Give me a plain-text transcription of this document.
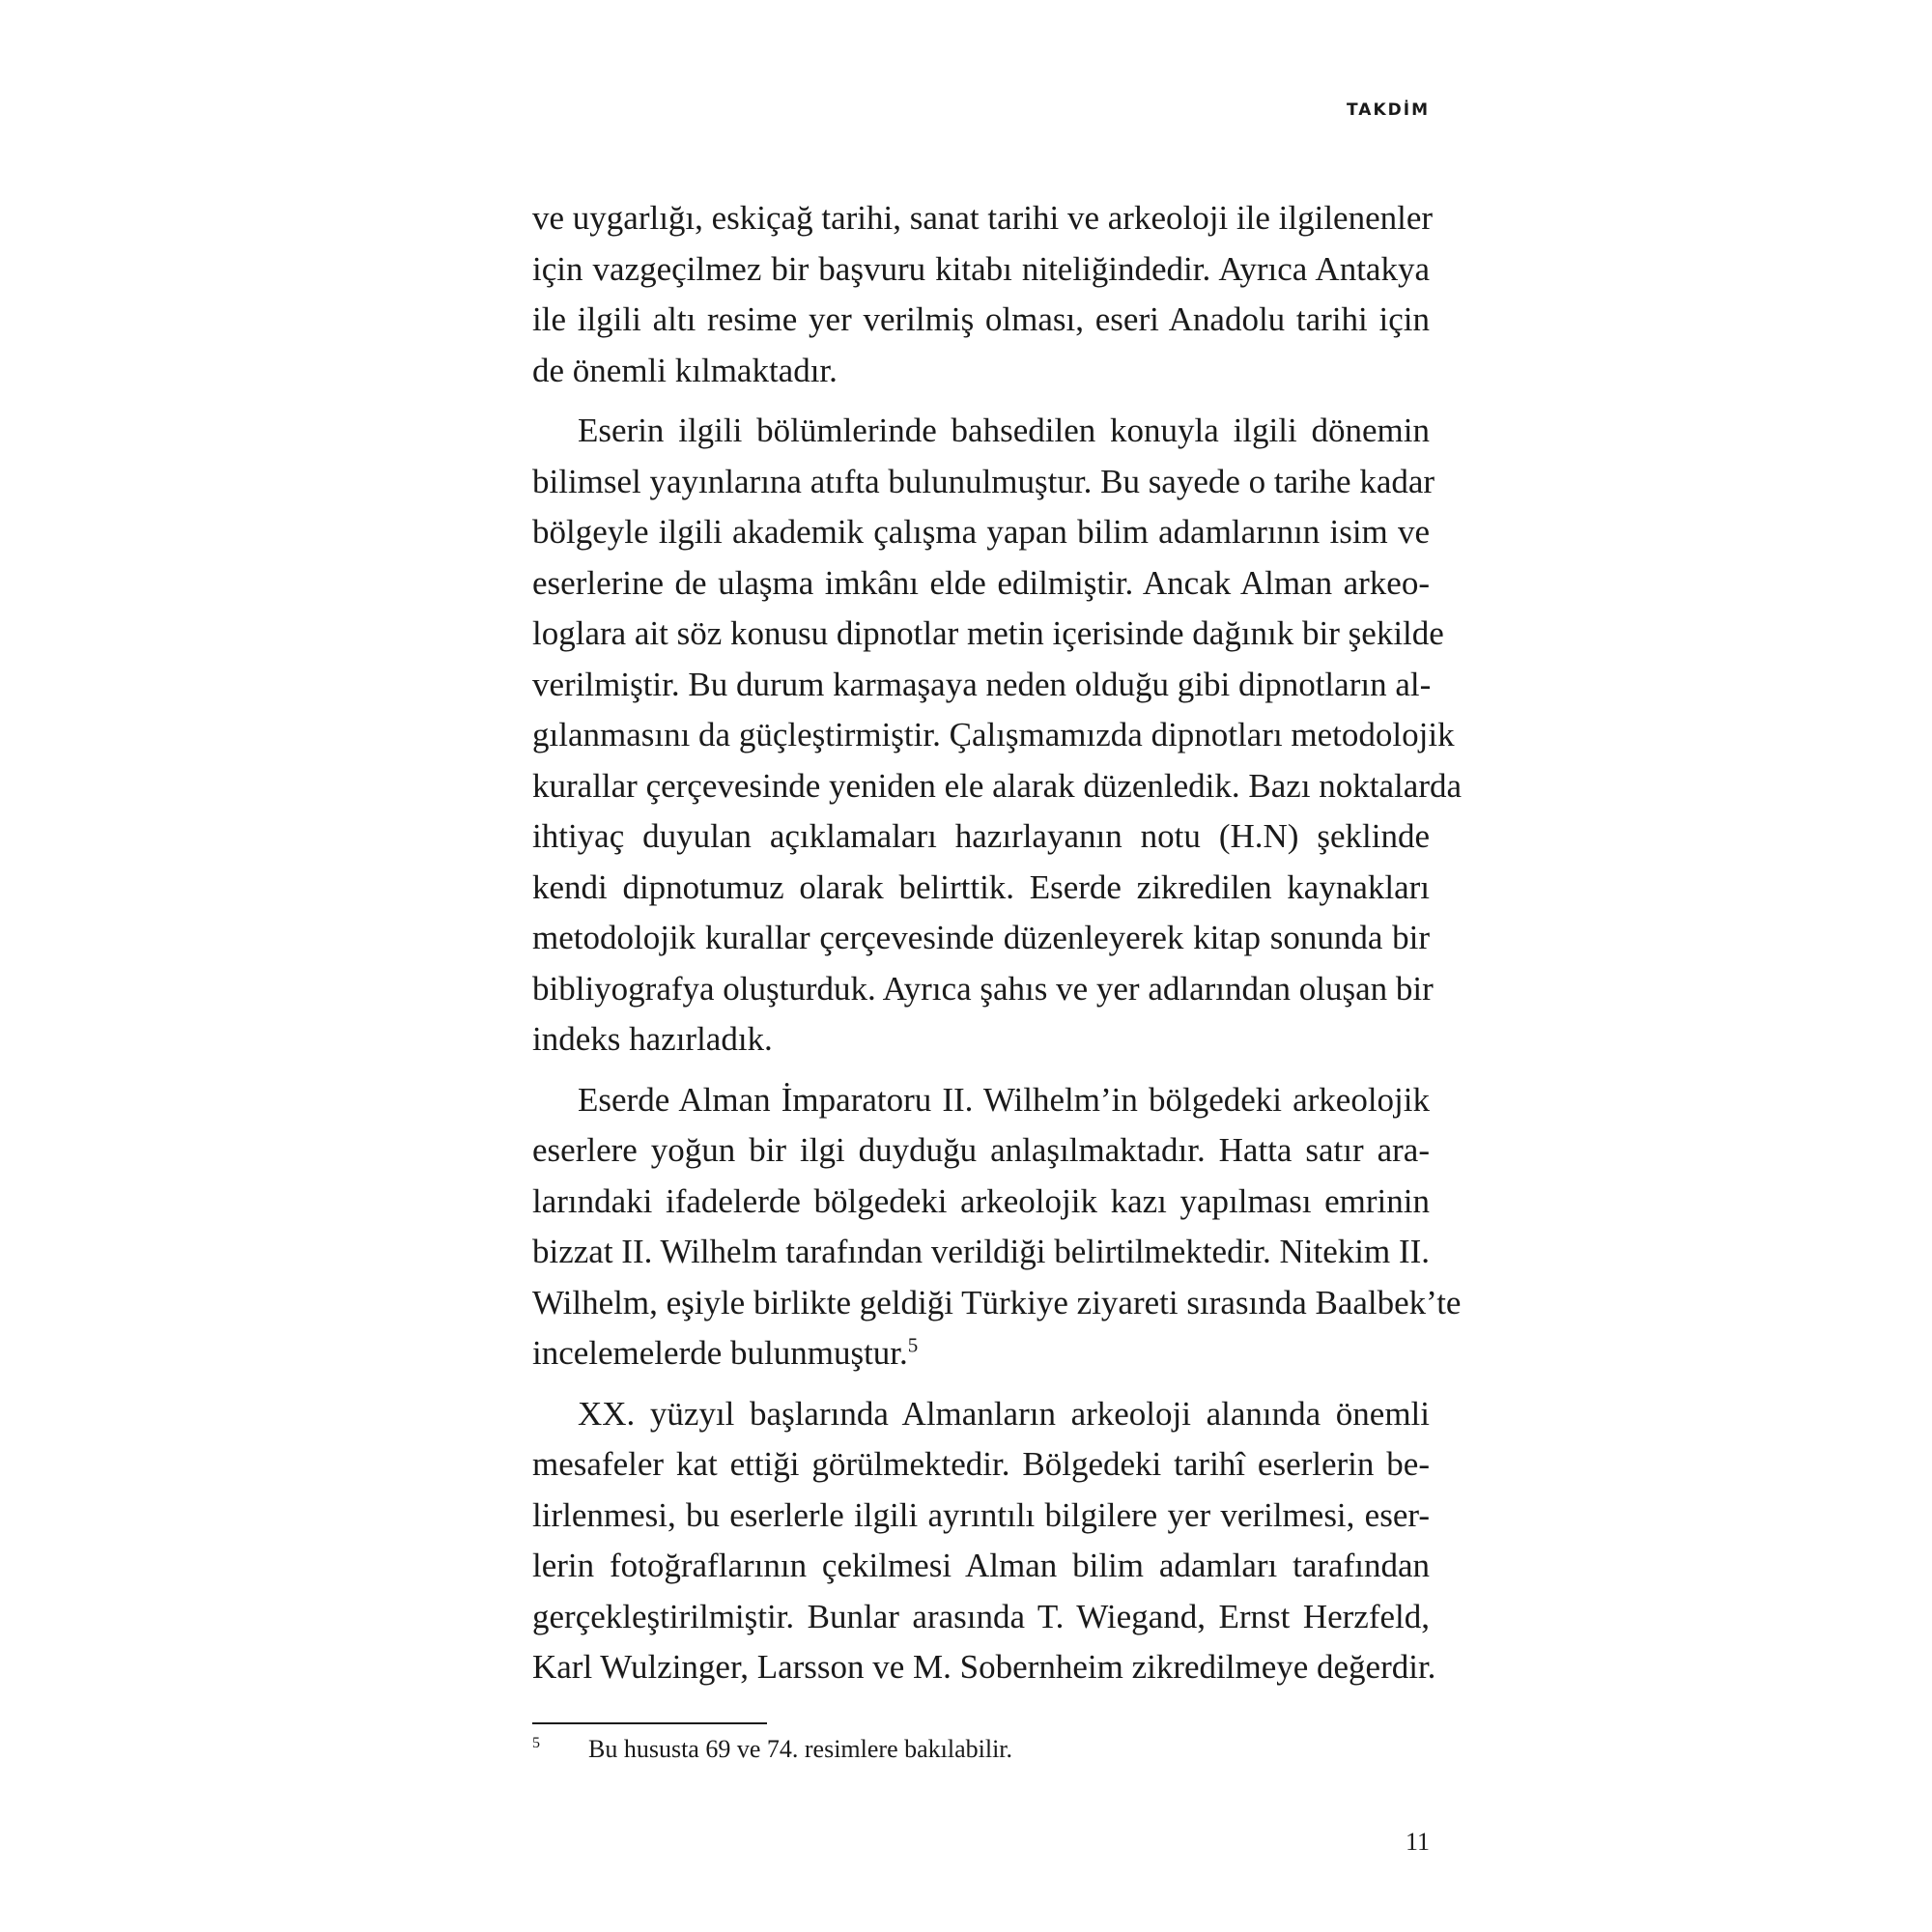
TAKDİM
ve uygarlığı, eskiçağ tarihi, sanat tarihi ve arkeoloji ile ilgilenenler
için vazgeçilmez bir başvuru kitabı niteliğindedir. Ayrıca Antakya
ile ilgili altı resime yer verilmiş olması, eseri Anadolu tarihi için
de önemli kılmaktadır.
Eserin ilgili bölümlerinde bahsedilen konuyla ilgili dönemin
bilimsel yayınlarına atıfta bulunulmuştur. Bu sayede o tarihe kadar
bölgeyle ilgili akademik çalışma yapan bilim adamlarının isim ve
eserlerine de ulaşma imkânı elde edilmiştir. Ancak Alman arkeo-
loglara ait söz konusu dipnotlar metin içerisinde dağınık bir şekilde
verilmiştir. Bu durum karmaşaya neden olduğu gibi dipnotların al-
gılanmasını da güçleştirmiştir. Çalışmamızda dipnotları metodolojik
kurallar çerçevesinde yeniden ele alarak düzenledik. Bazı noktalarda
ihtiyaç duyulan açıklamaları hazırlayanın notu (H.N) şeklinde
kendi dipnotumuz olarak belirttik. Eserde zikredilen kaynakları
metodolojik kurallar çerçevesinde düzenleyerek kitap sonunda bir
bibliyografya oluşturduk. Ayrıca şahıs ve yer adlarından oluşan bir
indeks hazırladık.
Eserde Alman İmparatoru II. Wilhelm’in bölgedeki arkeolojik
eserlere yoğun bir ilgi duyduğu anlaşılmaktadır. Hatta satır ara-
larındaki ifadelerde bölgedeki arkeolojik kazı yapılması emrinin
bizzat II. Wilhelm tarafından verildiği belirtilmektedir. Nitekim II.
Wilhelm, eşiyle birlikte geldiği Türkiye ziyareti sırasında Baalbek’te
incelemelerde bulunmuştur.$^5$
XX. yüzyıl başlarında Almanların arkeoloji alanında önemli
mesafeler kat ettiği görülmektedir. Bölgedeki tarihî eserlerin be-
lirlenmesi, bu eserlerle ilgili ayrıntılı bilgilere yer verilmesi, eser-
lerin fotoğraflarının çekilmesi Alman bilim adamları tarafından
gerçekleştirilmiştir. Bunlar arasında T. Wiegand, Ernst Herzfeld,
Karl Wulzinger, Larsson ve M. Sobernheim zikredilmeye değerdir.
5 Bu hususta 69 ve 74. resimlere bakılabilir.
11
